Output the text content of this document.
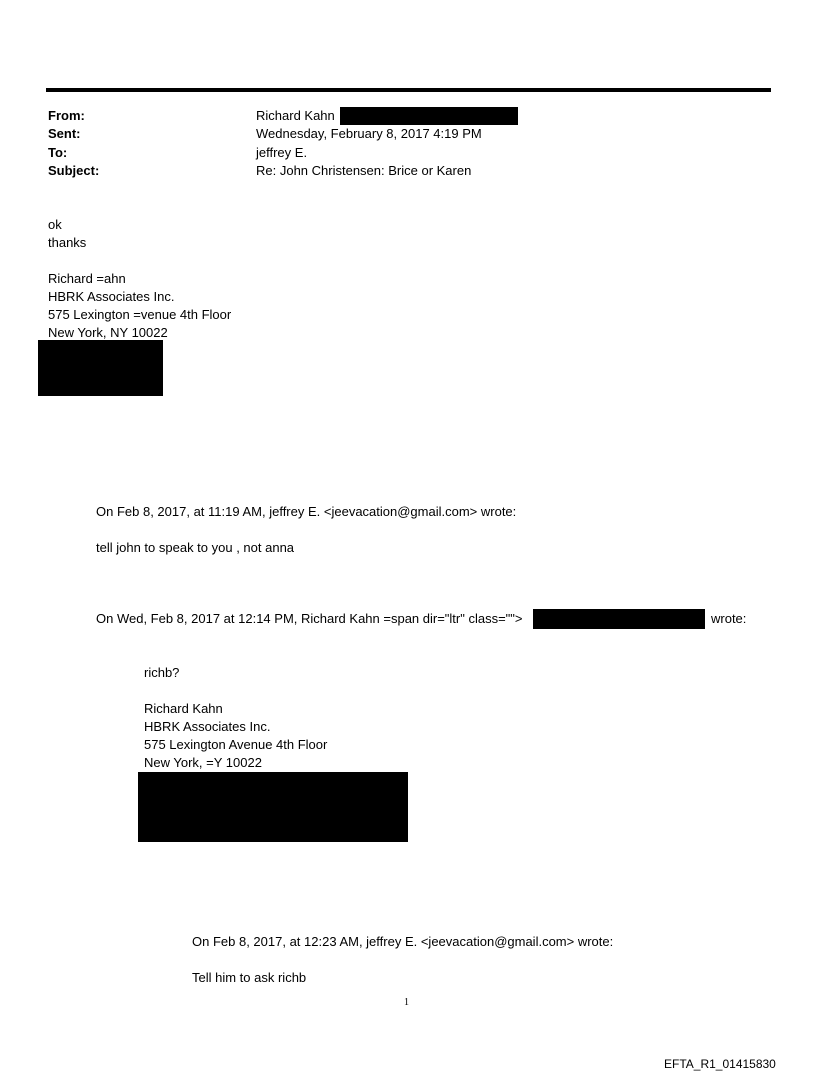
From:	Richard Kahn
Sent:	Wednesday, February 8, 2017 4:19 PM
To:	jeffrey E.
Subject:	Re: John Christensen: Brice or Karen
ok
thanks
Richard =ahn
HBRK Associates Inc.
575 Lexington =venue 4th Floor
New York, NY 10022
On Feb 8, 2017, at 11:19 AM, jeffrey E. <jeevacation@gmail.com> wrote:
tell john to speak to you , not anna
On Wed, Feb 8, 2017 at 12:14 PM, Richard Kahn =span dir="ltr" class="">	wrote:
richb?
Richard Kahn
HBRK Associates Inc.
575 Lexington Avenue 4th Floor
New York, =Y 10022
On Feb 8, 2017, at 12:23 AM, jeffrey E. <jeevacation@gmail.com> wrote:
Tell him to ask richb
1
EFTA_R1_01415830
